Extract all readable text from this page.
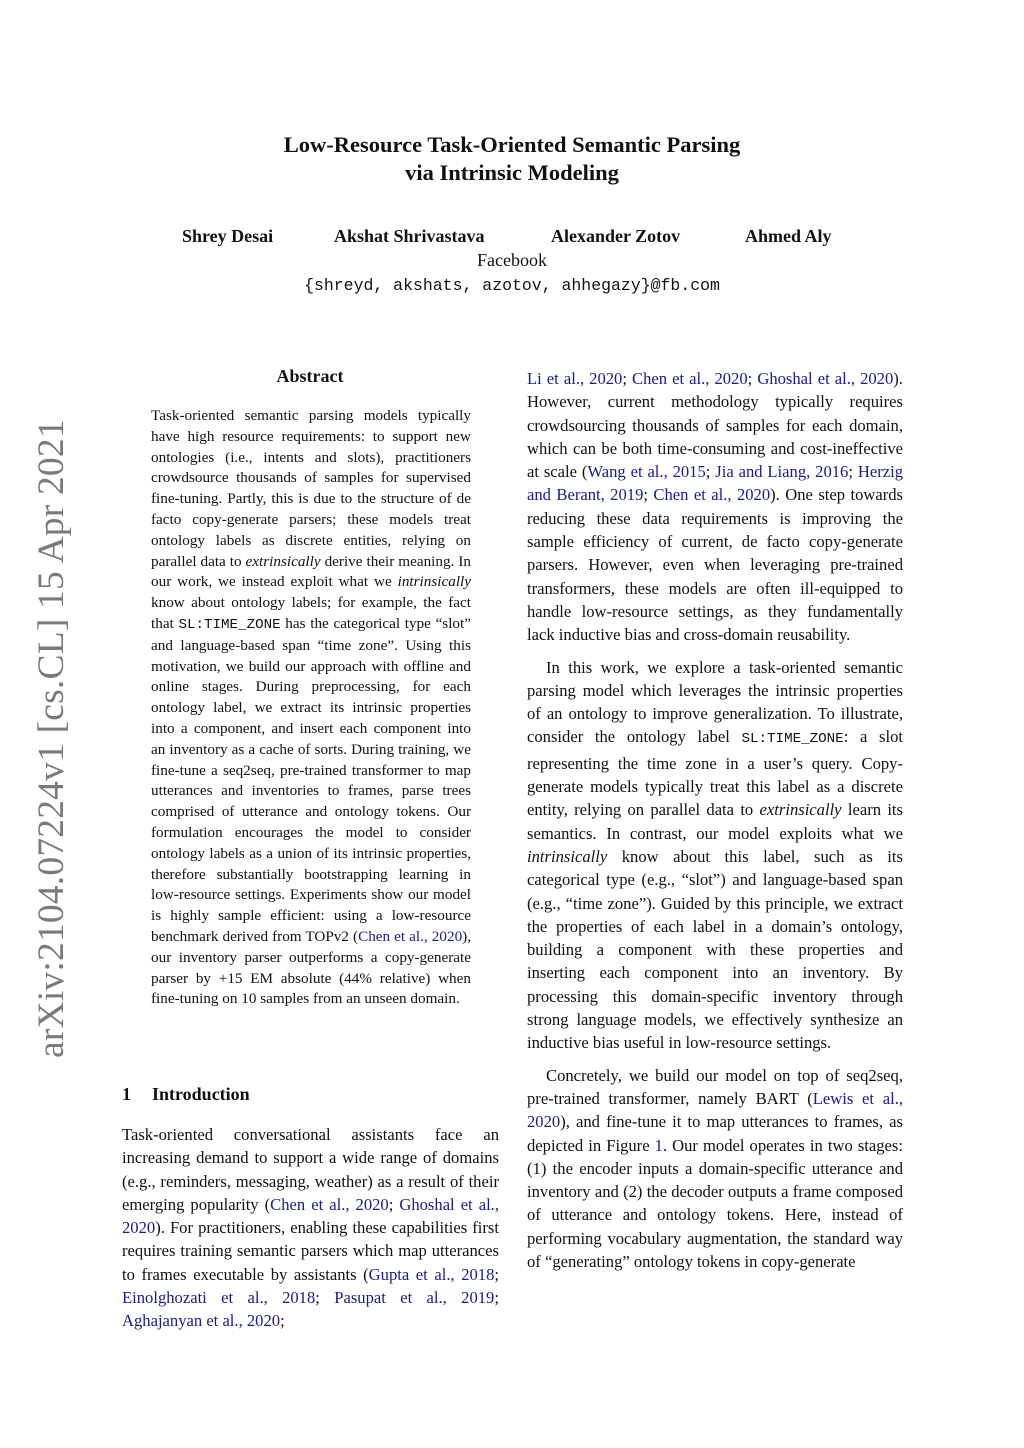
arXiv:2104.07224v1 [cs.CL] 15 Apr 2021
Low-Resource Task-Oriented Semantic Parsing
via Intrinsic Modeling
Shrey Desai	Akshat Shrivastava	Alexander Zotov	Ahmed Aly
Facebook
{shreyd, akshats, azotov, ahhegazy}@fb.com
Abstract

Task-oriented semantic parsing models typically have high resource requirements: to support new ontologies (i.e., intents and slots), practitioners crowdsource thousands of samples for supervised fine-tuning. Partly, this is due to the structure of de facto copy-generate parsers; these models treat ontology labels as discrete entities, relying on parallel data to extrinsically derive their meaning. In our work, we instead exploit what we intrinsically know about ontology labels; for example, the fact that SL:TIME_ZONE has the categorical type “slot” and language-based span “time zone”. Using this motivation, we build our approach with offline and online stages. During preprocessing, for each ontology label, we extract its intrinsic properties into a component, and insert each component into an inventory as a cache of sorts. During training, we fine-tune a seq2seq, pre-trained transformer to map utterances and inventories to frames, parse trees comprised of utterance and ontology tokens. Our formulation encourages the model to consider ontology labels as a union of its intrinsic properties, therefore substantially bootstrapping learning in low-resource settings. Experiments show our model is highly sample efficient: using a low-resource benchmark derived from TOPv2 (Chen et al., 2020), our inventory parser outperforms a copy-generate parser by +15 EM absolute (44% relative) when fine-tuning on 10 samples from an unseen domain.

1 Introduction

Task-oriented conversational assistants face an increasing demand to support a wide range of domains (e.g., reminders, messaging, weather) as a result of their emerging popularity (Chen et al., 2020; Ghoshal et al., 2020). For practitioners, enabling these capabilities first requires training semantic parsers which map utterances to frames executable by assistants (Gupta et al., 2018; Einolghozati et al., 2018; Pasupat et al., 2019; Aghajanyan et al., 2020;

Li et al., 2020; Chen et al., 2020; Ghoshal et al., 2020). However, current methodology typically requires crowdsourcing thousands of samples for each domain, which can be both time-consuming and cost-ineffective at scale (Wang et al., 2015; Jia and Liang, 2016; Herzig and Berant, 2019; Chen et al., 2020). One step towards reducing these data requirements is improving the sample efficiency of current, de facto copy-generate parsers. However, even when leveraging pre-trained transformers, these models are often ill-equipped to handle low-resource settings, as they fundamentally lack inductive bias and cross-domain reusability.

In this work, we explore a task-oriented semantic parsing model which leverages the intrinsic properties of an ontology to improve generalization. To illustrate, consider the ontology label SL:TIME_ZONE: a slot representing the time zone in a user’s query. Copy-generate models typically treat this label as a discrete entity, relying on parallel data to extrinsically learn its semantics. In contrast, our model exploits what we intrinsically know about this label, such as its categorical type (e.g., “slot”) and language-based span (e.g., “time zone”). Guided by this principle, we extract the properties of each label in a domain’s ontology, building a component with these properties and inserting each component into an inventory. By processing this domain-specific inventory through strong language models, we effectively synthesize an inductive bias useful in low-resource settings.

Concretely, we build our model on top of seq2seq, pre-trained transformer, namely BART (Lewis et al., 2020), and fine-tune it to map utterances to frames, as depicted in Figure 1. Our model operates in two stages: (1) the encoder inputs a domain-specific utterance and inventory and (2) the decoder outputs a frame composed of utterance and ontology tokens. Here, instead of performing vocabulary augmentation, the standard way of “generating” ontology tokens in copy-generate
